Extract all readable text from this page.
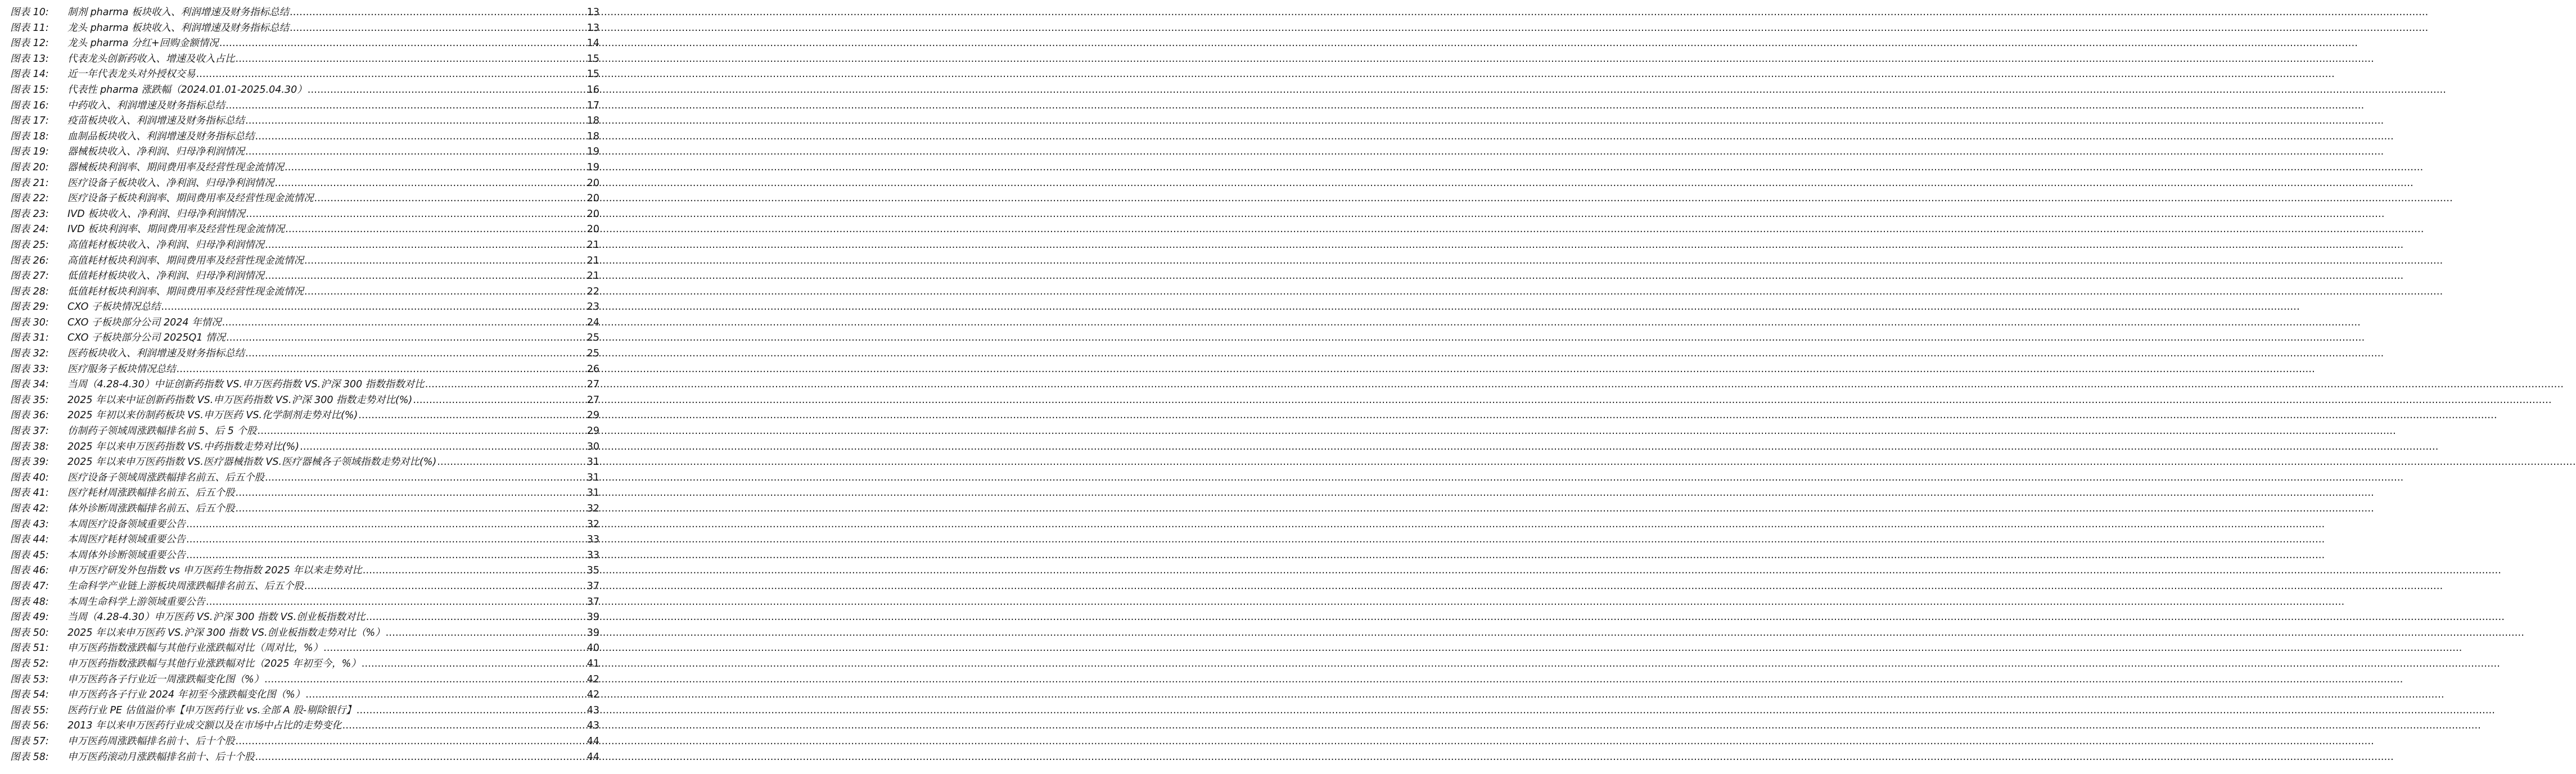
图表 10:	制剂 pharma 板块收入、利润增速及财务指标总结 .....	13
图表 11:	龙头 pharma 板块收入、利润增速及财务指标总结 .....	13
图表 12:	龙头 pharma 分红+回购金额情况 .....	14
图表 13:	代表龙头创新药收入、增速及收入占比 .....	15
图表 14:	近一年代表龙头对外授权交易 .....	15
图表 15:	代表性 pharma 涨跌幅（2024.01.01-2025.04.30） .....	16
图表 16:	中药收入、利润增速及财务指标总结 .....	17
图表 17:	疫苗板块收入、利润增速及财务指标总结 .....	18
图表 18:	血制品板块收入、利润增速及财务指标总结 .....	18
图表 19:	器械板块收入、净利润、归母净利润情况 .....	19
图表 20:	器械板块利润率、期间费用率及经营性现金流情况 .....	19
图表 21:	医疗设备子板块收入、净利润、归母净利润情况 .....	20
图表 22:	医疗设备子板块利润率、期间费用率及经营性现金流情况 .....	20
图表 23:	IVD 板块收入、净利润、归母净利润情况 .....	20
图表 24:	IVD 板块利润率、期间费用率及经营性现金流情况 .....	20
图表 25:	高值耗材板块收入、净利润、归母净利润情况 .....	21
图表 26:	高值耗材板块利润率、期间费用率及经营性现金流情况 .....	21
图表 27:	低值耗材板块收入、净利润、归母净利润情况 .....	21
图表 28:	低值耗材板块利润率、期间费用率及经营性现金流情况 .....	22
图表 29:	CXO 子板块情况总结 .....	23
图表 30:	CXO 子板块部分公司 2024 年情况 .....	24
图表 31:	CXO 子板块部分公司 2025Q1 情况 .....	25
图表 32:	医药板块收入、利润增速及财务指标总结 .....	25
图表 33:	医疗服务子板块情况总结 .....	26
图表 34:	当周（4.28-4.30）中证创新药指数 VS.申万医药指数 VS.沪深 300 指数指数对比 .....	27
图表 35:	2025 年以来中证创新药指数 VS.申万医药指数 VS.沪深 300 指数走势对比(%) .....	27
图表 36:	2025 年初以来仿制药板块 VS.申万医药 VS.化学制剂走势对比(%) .....	29
图表 37:	仿制药子领域周涨跌幅排名前 5、后 5 个股 .....	29
图表 38:	2025 年以来申万医药指数 VS.中药指数走势对比(%) .....	30
图表 39:	2025 年以来申万医药指数 VS.医疗器械指数 VS.医疗器械各子领域指数走势对比(%) .....	31
图表 40:	医疗设备子领域周涨跌幅排名前五、后五个股 .....	31
图表 41:	医疗耗材周涨跌幅排名前五、后五个股 .....	31
图表 42:	体外诊断周涨跌幅排名前五、后五个股 .....	32
图表 43:	本周医疗设备领域重要公告 .....	32
图表 44:	本周医疗耗材领域重要公告 .....	33
图表 45:	本周体外诊断领域重要公告 .....	33
图表 46:	申万医疗研发外包指数 vs 申万医药生物指数 2025 年以来走势对比 .....	35
图表 47:	生命科学产业链上游板块周涨跌幅排名前五、后五个股 .....	37
图表 48:	本周生命科学上游领域重要公告 .....	37
图表 49:	当周（4.28-4.30）申万医药 VS.沪深 300 指数 VS.创业板指数对比 .....	39
图表 50:	2025 年以来申万医药 VS.沪深 300 指数 VS.创业板指数走势对比（%） .....	39
图表 51:	申万医药指数涨跌幅与其他行业涨跌幅对比（周对比，%） .....	40
图表 52:	申万医药指数涨跌幅与其他行业涨跌幅对比（2025 年初至今，%） .....	41
图表 53:	申万医药各子行业近一周涨跌幅变化图（%） .....	42
图表 54:	申万医药各子行业 2024 年初至今涨跌幅变化图（%） .....	42
图表 55:	医药行业 PE 估值溢价率【申万医药行业 vs.全部 A 股-剔除银行】 .....	43
图表 56:	2013 年以来申万医药行业成交额以及在市场中占比的走势变化 .....	43
图表 57:	申万医药周涨跌幅排名前十、后十个股 .....	44
图表 58:	申万医药滚动月涨跌幅排名前十、后十个股 .....	44
